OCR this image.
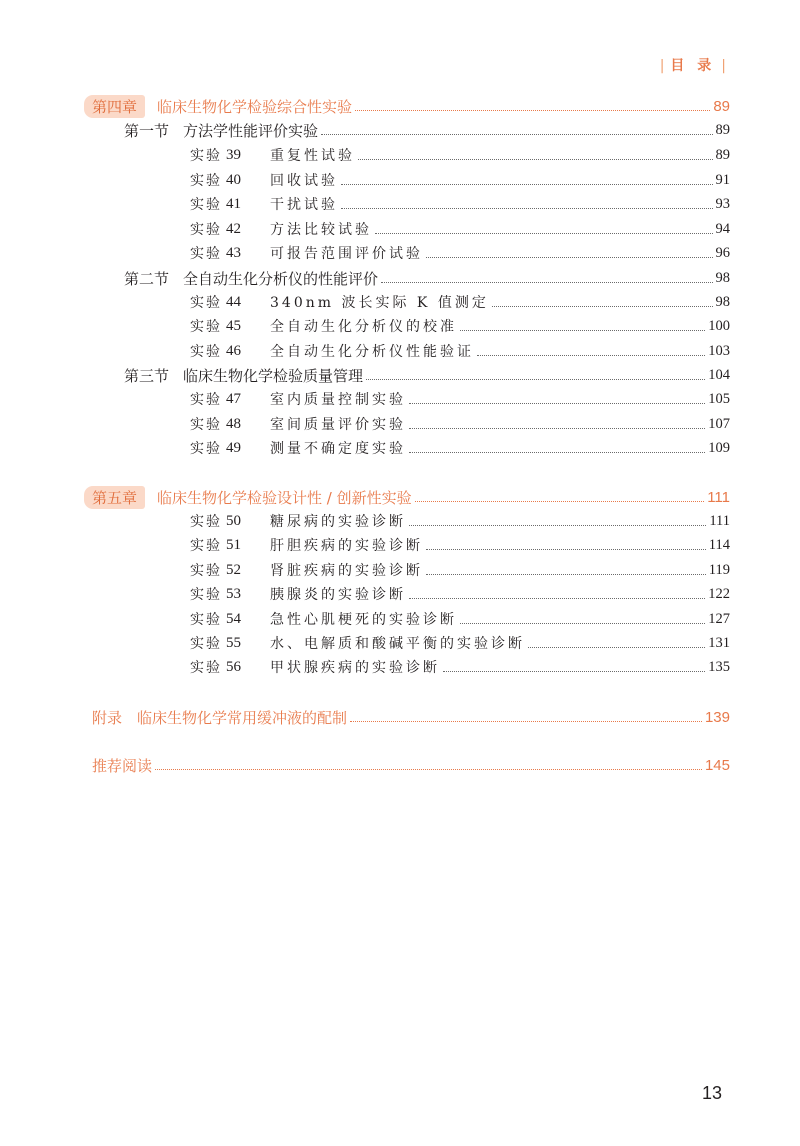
| 目 录 |
第四章	临床生物化学检验综合性实验	89
第一节 方法学性能评价实验	89
实验 39	重复性试验	89
实验 40	回收试验	91
实验 41	干扰试验	93
实验 42	方法比较试验	94
实验 43	可报告范围评价试验	96
第二节 全自动生化分析仪的性能评价	98
实验 44	340nm 波长实际 K 值测定	98
实验 45	全自动生化分析仪的校准	100
实验 46	全自动生化分析仪性能验证	103
第三节 临床生物化学检验质量管理	104
实验 47	室内质量控制实验	105
实验 48	室间质量评价实验	107
实验 49	测量不确定度实验	109
第五章	临床生物化学检验设计性 / 创新性实验	111
实验 50	糖尿病的实验诊断	111
实验 51	肝胆疾病的实验诊断	114
实验 52	肾脏疾病的实验诊断	119
实验 53	胰腺炎的实验诊断	122
实验 54	急性心肌梗死的实验诊断	127
实验 55	水、电解质和酸碱平衡的实验诊断	131
实验 56	甲状腺疾病的实验诊断	135
附录　临床生物化学常用缓冲液的配制	139
推荐阅读	145
13
